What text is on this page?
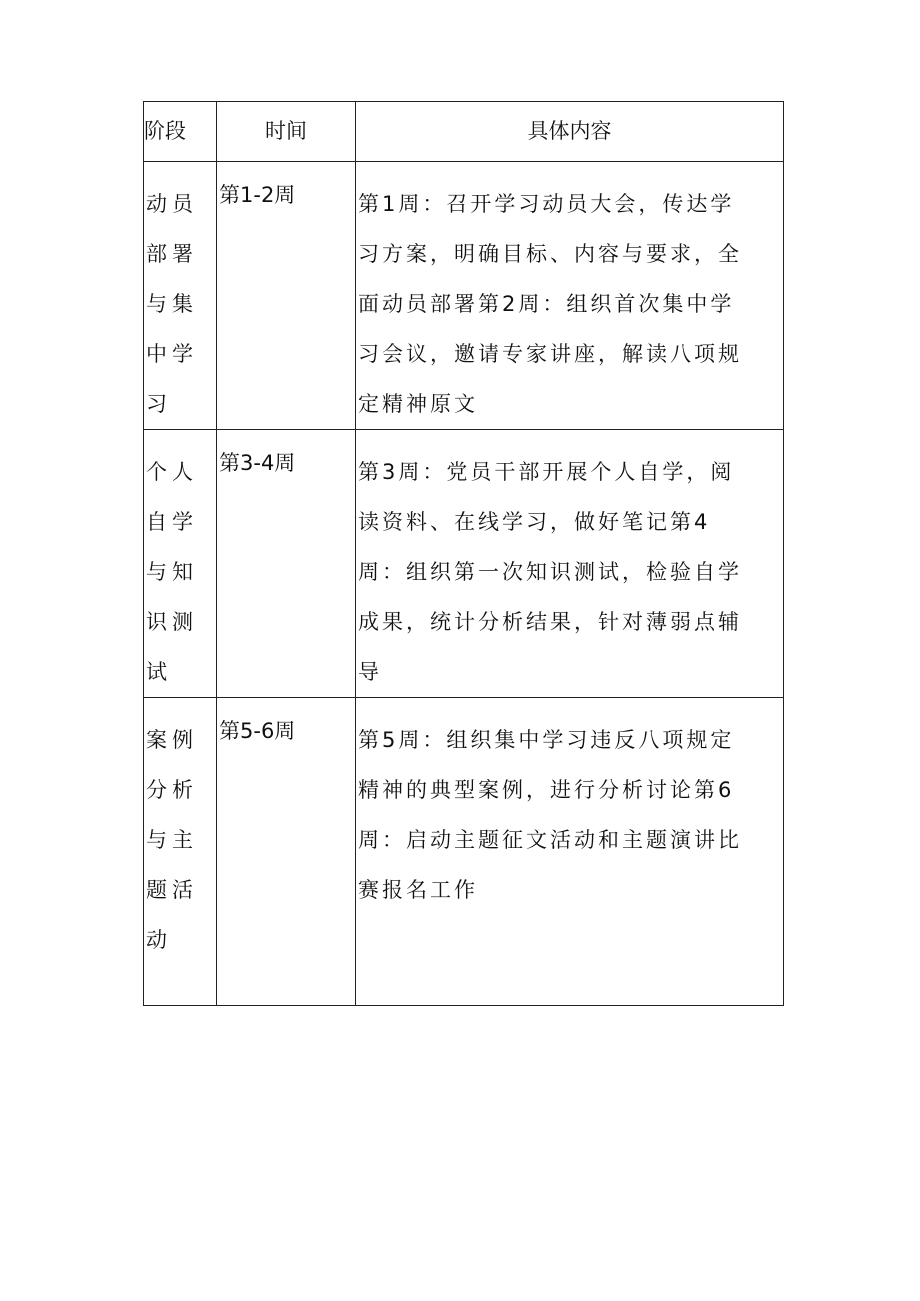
阶段	时间	具体内容

动员部署与集中学习	第1-2周	第1周：召开学习动员大会，传达学习方案，明确目标、内容与要求，全面动员部署第2周：组织首次集中学习会议，邀请专家讲座，解读八项规定精神原文

个人自学与知识测试	第3-4周	第3周：党员干部开展个人自学，阅读资料、在线学习，做好笔记第4周：组织第一次知识测试，检验自学成果，统计分析结果，针对薄弱点辅导

案例分析与主题活动	第5-6周	第5周：组织集中学习违反八项规定精神的典型案例，进行分析讨论第6周：启动主题征文活动和主题演讲比赛报名工作
